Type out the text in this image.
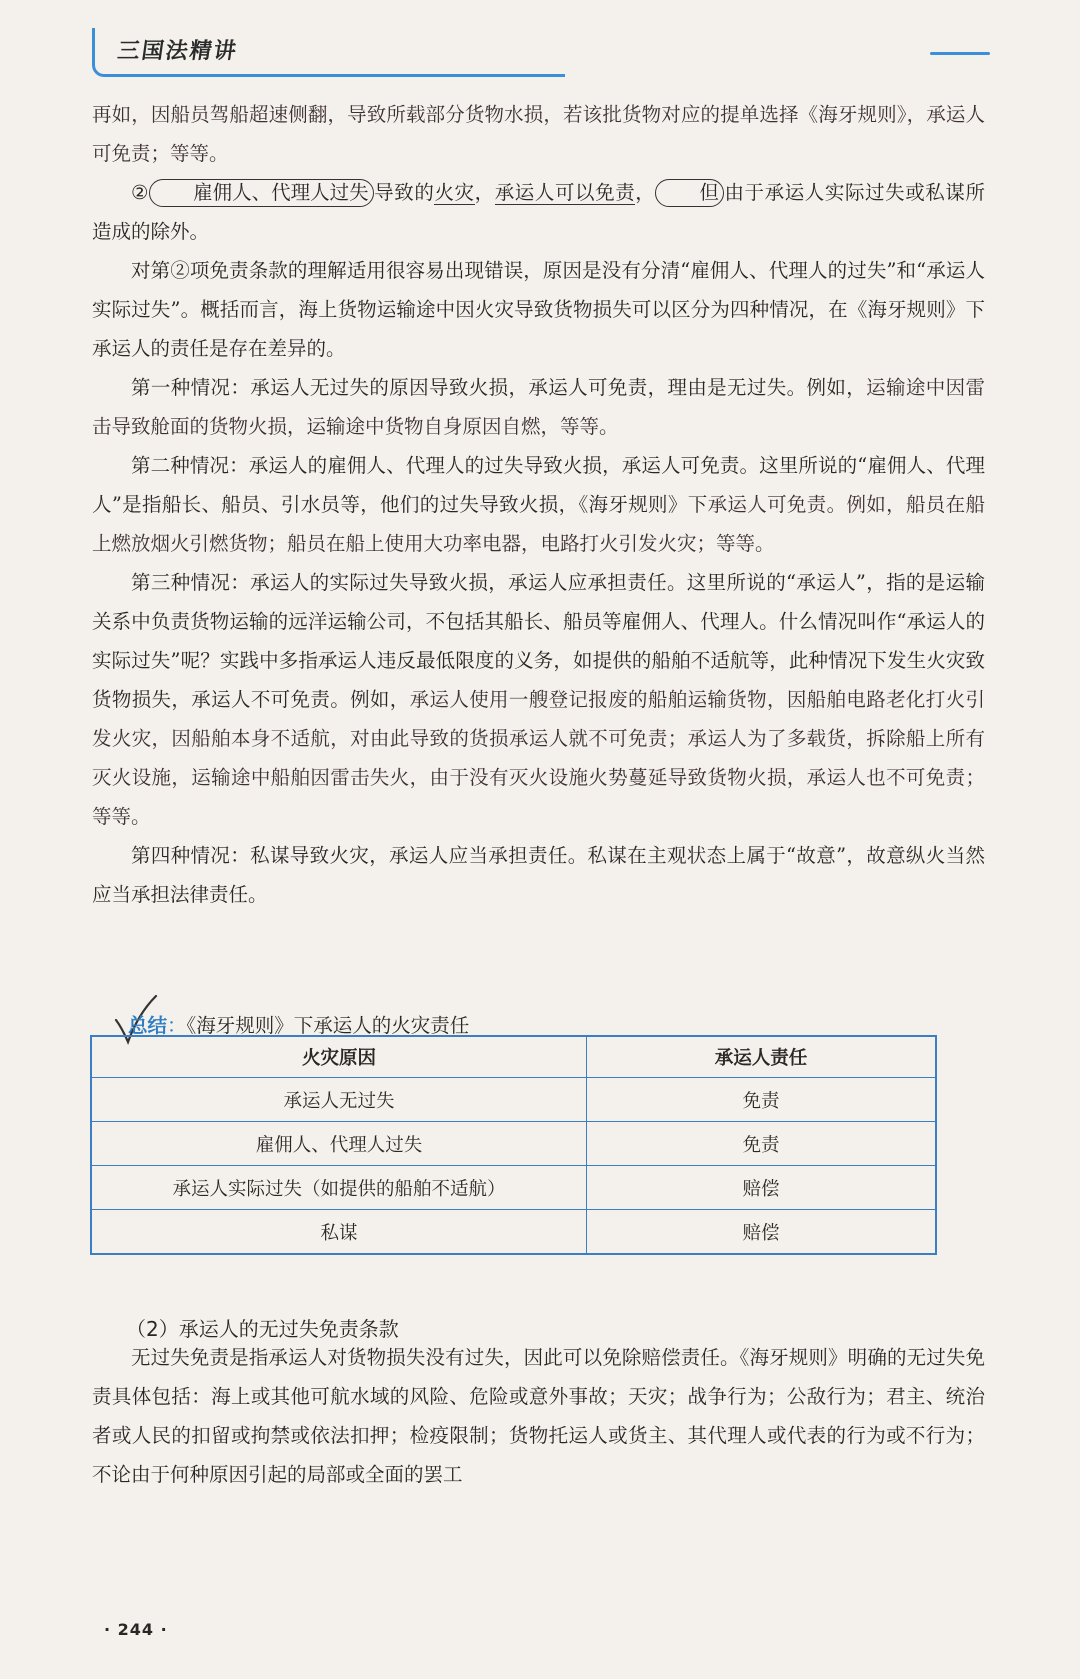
三国法精讲

再如，因船员驾船超速侧翻，导致所载部分货物水损，若该批货物对应的提单选择《海牙规则》，承运人可免责；等等。

② 雇佣人、代理人过失 导致的火灾，承运人可以免责， 但 由于承运人实际过失或私谋所造成的除外。

对第②项免责条款的理解适用很容易出现错误，原因是没有分清“雇佣人、代理人的过失”和“承运人实际过失”。概括而言，海上货物运输途中因火灾导致货物损失可以区分为四种情况，在《海牙规则》下承运人的责任是存在差异的。

第一种情况：承运人无过失的原因导致火损，承运人可免责，理由是无过失。例如，运输途中因雷击导致舱面的货物火损，运输途中货物自身原因自燃，等等。

第二种情况：承运人的雇佣人、代理人的过失导致火损，承运人可免责。这里所说的“雇佣人、代理人”是指船长、船员、引水员等，他们的过失导致火损，《海牙规则》下承运人可免责。例如，船员在船上燃放烟火引燃货物；船员在船上使用大功率电器，电路打火引发火灾；等等。

第三种情况：承运人的实际过失导致火损，承运人应承担责任。这里所说的“承运人”，指的是运输关系中负责货物运输的远洋运输公司，不包括其船长、船员等雇佣人、代理人。什么情况叫作“承运人的实际过失”呢？实践中多指承运人违反最低限度的义务，如提供的船舶不适航等，此种情况下发生火灾致货物损失，承运人不可免责。例如，承运人使用一艘登记报废的船舶运输货物，因船舶电路老化打火引发火灾，因船舶本身不适航，对由此导致的货损承运人就不可免责；承运人为了多载货，拆除船上所有灭火设施，运输途中船舶因雷击失火，由于没有灭火设施火势蔓延导致货物火损，承运人也不可免责；等等。

第四种情况：私谋导致火灾，承运人应当承担责任。私谋在主观状态上属于“故意”，故意纵火当然应当承担法律责任。

总结：《海牙规则》下承运人的火灾责任
火灾原因	承运人责任
承运人无过失	免责
雇佣人、代理人过失	免责
承运人实际过失（如提供的船舶不适航）	赔偿
私谋	赔偿
（2）承运人的无过失免责条款

无过失免责是指承运人对货物损失没有过失，因此可以免除赔偿责任。《海牙规则》明确的无过失免责具体包括：海上或其他可航水域的风险、危险或意外事故；天灾；战争行为；公敌行为；君主、统治者或人民的扣留或拘禁或依法扣押；检疫限制；货物托运人或货主、其代理人或代表的行为或不行为；不论由于何种原因引起的局部或全面的罢工

· 244 ·
